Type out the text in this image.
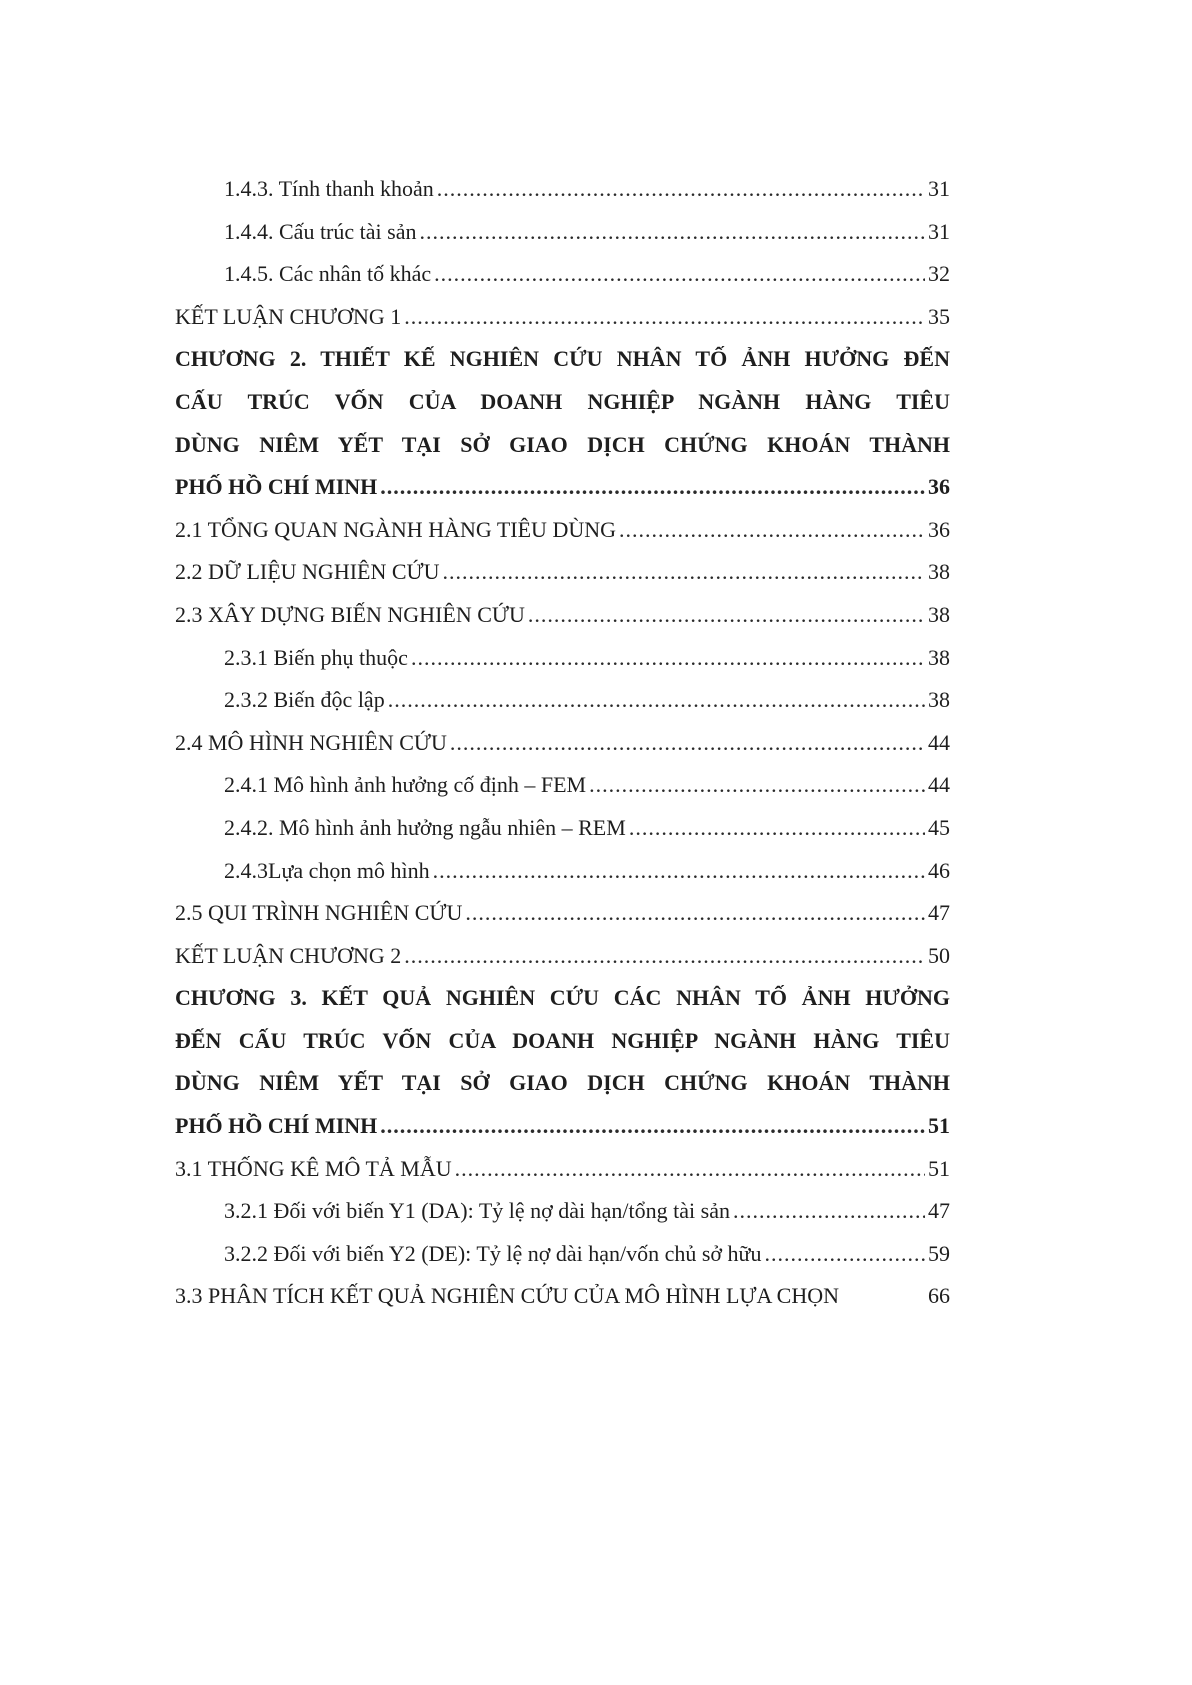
1.4.3. Tính thanh khoản .....	31
1.4.4. Cấu trúc tài sản .....	31
1.4.5. Các nhân tố khác .....	32
KẾT LUẬN CHƯƠNG 1 .....	35
CHƯƠNG 2. THIẾT KẾ NGHIÊN CỨU NHÂN TỐ ẢNH HƯỞNG ĐẾN
CẤU TRÚC VỐN CỦA DOANH NGHIỆP NGÀNH HÀNG TIÊU
DÙNG NIÊM YẾT TẠI SỞ GIAO DỊCH CHỨNG KHOÁN THÀNH
PHỐ HỒ CHÍ MINH .....	36
2.1 TỔNG QUAN NGÀNH HÀNG TIÊU DÙNG .....	36
2.2 DỮ LIỆU NGHIÊN CỨU .....	38
2.3 XÂY DỰNG BIẾN NGHIÊN CỨU .....	38
2.3.1 Biến phụ thuộc .....	38
2.3.2 Biến độc lập .....	38
2.4 MÔ HÌNH NGHIÊN CỨU .....	44
2.4.1 Mô hình ảnh hưởng cố định – FEM .....	44
2.4.2. Mô hình ảnh hưởng ngẫu nhiên – REM .....	45
2.4.3Lựa chọn mô hình .....	46
2.5 QUI TRÌNH NGHIÊN CỨU .....	47
KẾT LUẬN CHƯƠNG 2 .....	50
CHƯƠNG 3. KẾT QUẢ NGHIÊN CỨU CÁC NHÂN TỐ ẢNH HƯỞNG
ĐẾN CẤU TRÚC VỐN CỦA DOANH NGHIỆP NGÀNH HÀNG TIÊU
DÙNG NIÊM YẾT TẠI SỞ GIAO DỊCH CHỨNG KHOÁN THÀNH
PHỐ HỒ CHÍ MINH .....	51
3.1 THỐNG KÊ MÔ TẢ MẪU .....	51
3.2.1 Đối với biến Y1 (DA): Tỷ lệ nợ dài hạn/tổng tài sản .....	47
3.2.2 Đối với biến Y2 (DE): Tỷ lệ nợ dài hạn/vốn chủ sở hữu .....	59
3.3 PHÂN TÍCH KẾT QUẢ NGHIÊN CỨU CỦA MÔ HÌNH LỰA CHỌN	66
